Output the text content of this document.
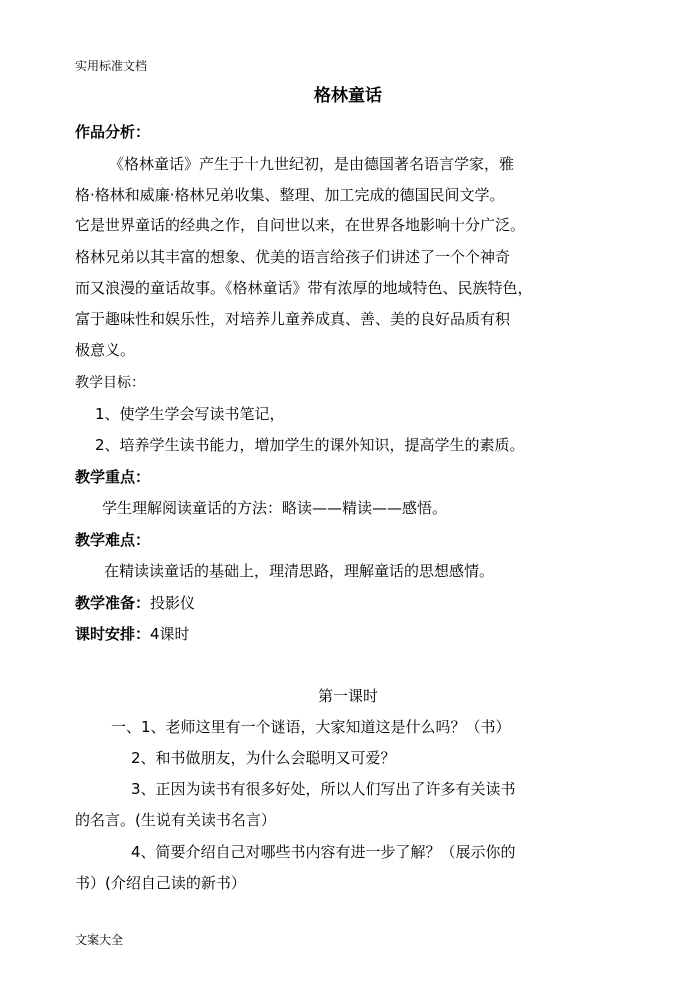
实用标准文档
格林童话
作品分析：
《格林童话》产生于十九世纪初，是由德国著名语言学家，雅
格·格林和威廉·格林兄弟收集、整理、加工完成的德国民间文学。
它是世界童话的经典之作，自问世以来，在世界各地影响十分广泛。
格林兄弟以其丰富的想象、优美的语言给孩子们讲述了一个个神奇
而又浪漫的童话故事。《格林童话》带有浓厚的地域特色、民族特色，
富于趣味性和娱乐性，对培养儿童养成真、善、美的良好品质有积
极意义。
教学目标：
1、使学生学会写读书笔记，
2、培养学生读书能力，增加学生的课外知识，提高学生的素质。
教学重点：
学生理解阅读童话的方法：略读——精读——感悟。
教学难点：
在精读读童话的基础上，理清思路，理解童话的思想感情。
教学准备：投影仪
课时安排：4课时
第一课时
一、1、老师这里有一个谜语，大家知道这是什么吗？（书）
2、和书做朋友，为什么会聪明又可爱？
3、正因为读书有很多好处，所以人们写出了许多有关读书
的名言。(生说有关读书名言）
4、简要介绍自己对哪些书内容有进一步了解？（展示你的
书）(介绍自己读的新书）
文案大全
